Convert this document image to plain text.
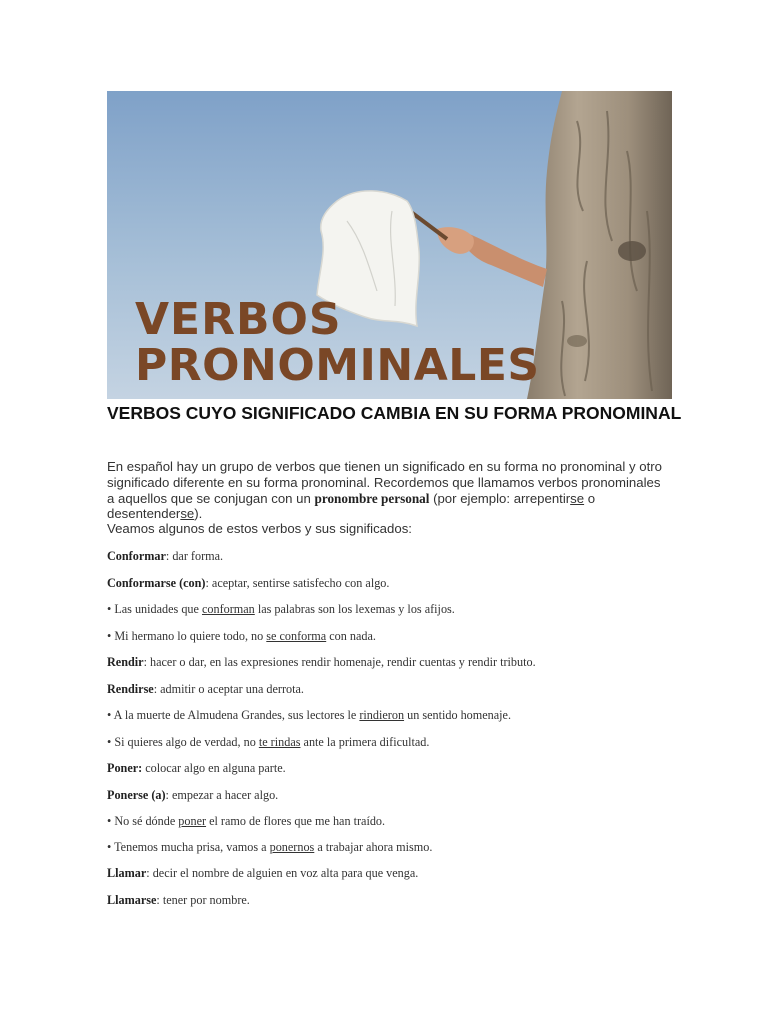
VERBOS
PRONOMINALES
VERBOS CUYO SIGNIFICADO CAMBIA EN SU FORMA PRONOMINAL

En español hay un grupo de verbos que tienen un significado en su forma no pronominal y otro significado diferente en su forma pronominal. Recordemos que llamamos verbos pronominales a aquellos que se conjugan con un pronombre personal (por ejemplo: arrepentirse o desentenderse).

Veamos algunos de estos verbos y sus significados:

Conformar: dar forma.

Conformarse (con): aceptar, sentirse satisfecho con algo.

• Las unidades que conforman las palabras son los lexemas y los afijos.

• Mi hermano lo quiere todo, no se conforma con nada.

Rendir: hacer o dar, en las expresiones rendir homenaje, rendir cuentas y rendir tributo.

Rendirse: admitir o aceptar una derrota.

• A la muerte de Almudena Grandes, sus lectores le rindieron un sentido homenaje.

• Si quieres algo de verdad, no te rindas ante la primera dificultad.

Poner: colocar algo en alguna parte.

Ponerse (a): empezar a hacer algo.

• No sé dónde poner el ramo de flores que me han traído.

• Tenemos mucha prisa, vamos a ponernos a trabajar ahora mismo.

Llamar: decir el nombre de alguien en voz alta para que venga.

Llamarse: tener por nombre.
